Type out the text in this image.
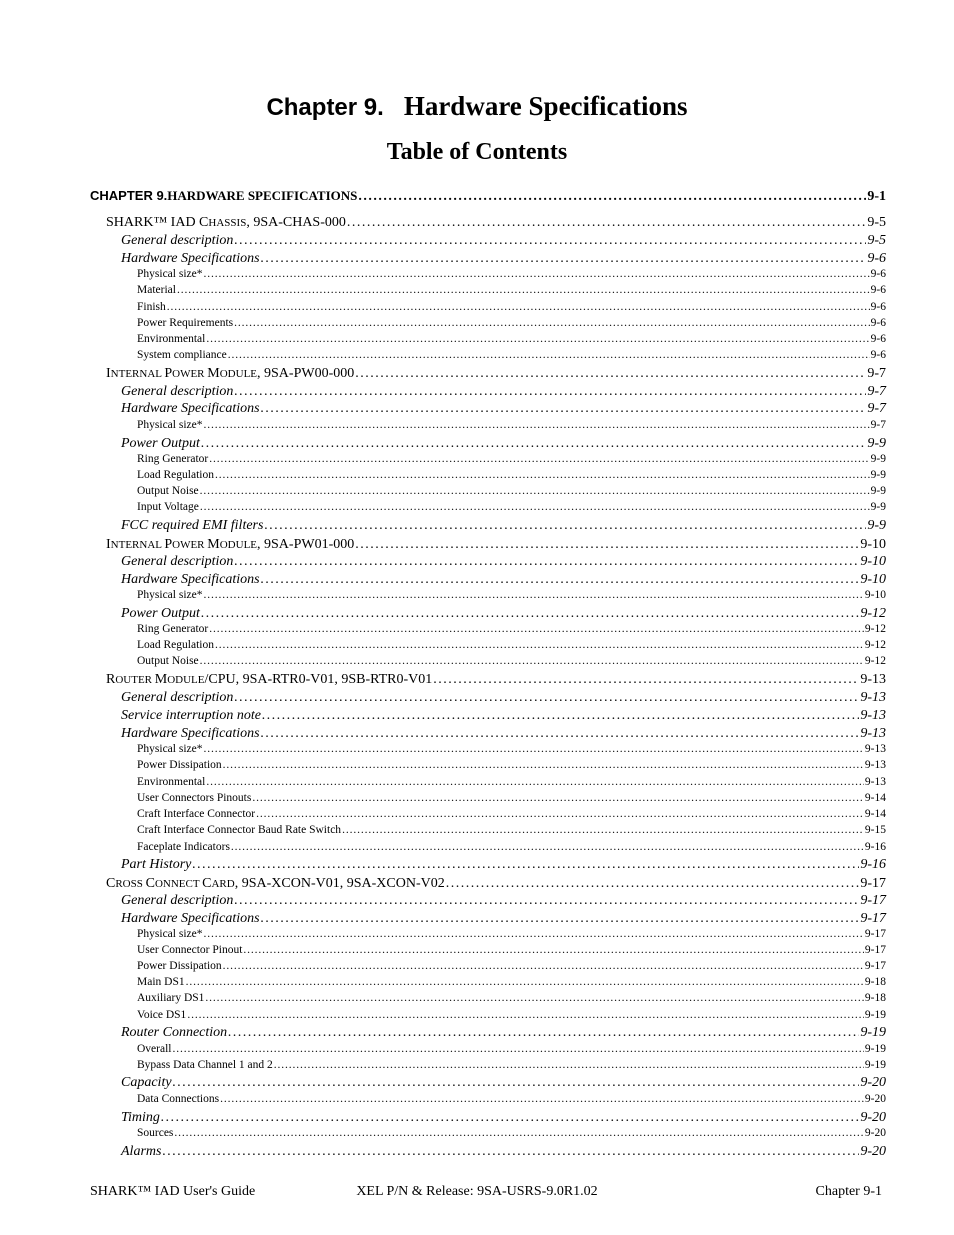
Chapter 9. Hardware Specifications
Table of Contents
CHAPTER 9.HARDWARE SPECIFICATIONS . . .	9-1
SHARK™ IAD CHASSIS, 9SA-CHAS-000 . . .	9-5
General description . . .	9-5
Hardware Specifications . . .	9-6
Physical size* . . .	9-6
Material . . .	9-6
Finish . . .	9-6
Power Requirements . . .	9-6
Environmental . . .	9-6
System compliance . . .	9-6
INTERNAL POWER MODULE, 9SA-PW00-000 . . .	9-7
General description . . .	9-7
Hardware Specifications . . .	9-7
Physical size* . . .	9-7
Power Output . . .	9-9
Ring Generator . . .	9-9
Load Regulation . . .	9-9
Output Noise . . .	9-9
Input Voltage . . .	9-9
FCC required EMI filters . . .	9-9
INTERNAL POWER MODULE, 9SA-PW01-000 . . .	9-10
General description . . .	9-10
Hardware Specifications . . .	9-10
Physical size* . . .	9-10
Power Output . . .	9-12
Ring Generator . . .	9-12
Load Regulation . . .	9-12
Output Noise . . .	9-12
ROUTER MODULE/CPU, 9SA-RTR0-V01, 9SB-RTR0-V01 . . .	9-13
General description . . .	9-13
Service interruption note . . .	9-13
Hardware Specifications . . .	9-13
Physical size* . . .	9-13
Power Dissipation . . .	9-13
Environmental . . .	9-13
User Connectors Pinouts . . .	9-14
Craft Interface Connector . . .	9-14
Craft Interface Connector Baud Rate Switch . . .	9-15
Faceplate Indicators . . .	9-16
Part History . . .	9-16
CROSS CONNECT CARD, 9SA-XCON-V01, 9SA-XCON-V02 . . .	9-17
General description . . .	9-17
Hardware Specifications . . .	9-17
Physical size* . . .	9-17
User Connector Pinout . . .	9-17
Power Dissipation . . .	9-17
Main DS1 . . .	9-18
Auxiliary DS1 . . .	9-18
Voice DS1 . . .	9-19
Router Connection . . .	9-19
Overall . . .	9-19
Bypass Data Channel 1 and 2 . . .	9-19
Capacity . . .	9-20
Data Connections . . .	9-20
Timing . . .	9-20
Sources . . .	9-20
Alarms . . .	9-20
SHARK™ IAD User's Guide	XEL P/N & Release: 9SA-USRS-9.0R1.02	Chapter 9-1
